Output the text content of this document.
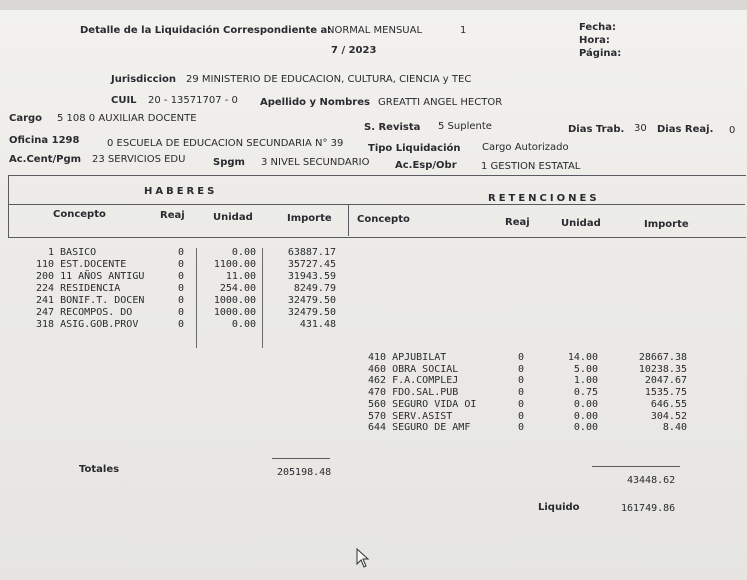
Detalle de la Liquidación Correspondiente a:
NORMAL MENSUAL	1
7 / 2023
Fecha:
Hora:
Página:
Jurisdiccion 29 MINISTERIO DE EDUCACION, CULTURA, CIENCIA y TEC
CUIL 20 - 13571707 - 0 Apellido y Nombres GREATTI ANGEL HECTOR
Cargo 5 108 0 AUXILIAR DOCENTE
S. Revista 5 Suplente	Dias Trab. 30 Dias Reaj. 0
Oficina 1298	0 ESCUELA DE EDUCACION SECUNDARIA N° 39 Tipo Liquidación Cargo Autorizado
Ac.Cent/Pgm 23 SERVICIOS EDU	Spgm 3 NIVEL SECUNDARIO	Ac.Esp/Obr 1 GESTION ESTATAL
HABERES
RETENCIONES
Concepto	Reaj	Unidad	Importe	Concepto	Reaj	Unidad	Importe
1 BASICO	0	0.00	63887.17
110 EST.DOCENTE	0	1100.00	35727.45
200 11 AÑOS ANTIGU	0	11.00	31943.59
224 RESIDENCIA	0	254.00	8249.79
241 BONIF.T. DOCEN	0	1000.00	32479.50
247 RECOMPOS. DO	0	1000.00	32479.50
318 ASIG.GOB.PROV	0	0.00	431.48
410 APJUBILAT	0	14.00	28667.38
460 OBRA SOCIAL	0	5.00	10238.35
462 F.A.COMPLEJ	0	1.00	2047.67
470 FDO.SAL.PUB	0	0.75	1535.75
560 SEGURO VIDA OI	0	0.00	646.55
570 SERV.ASIST	0	0.00	304.52
644 SEGURO DE AMF	0	0.00	8.40
Totales	205198.48
43448.62
Liquido	161749.86
